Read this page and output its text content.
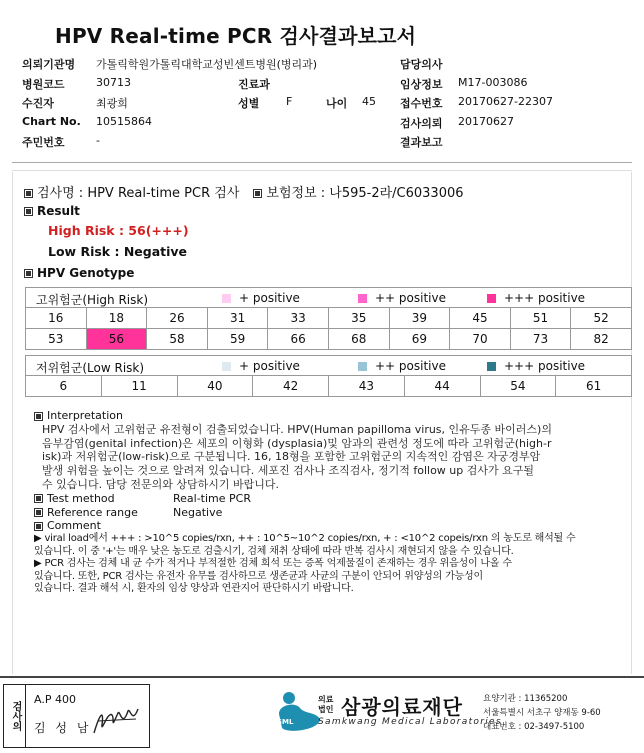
HPV Real-time PCR 검사결과보고서
의뢰기관명 가톨릭학원가톨릭대학교성빈센트병원(병리과)	담당의사
병원코드	30713	진료과	임상정보 M17-003086
수진자	최광희	성별 F	나이 45 접수번호 20170627-22307
Chart No. 10515864	검사의뢰 20170627
주민번호	-	결과보고
검사명 : HPV Real-time PCR 검사 보험정보 : 나595-2라/C6033006
Result
High Risk : 56(+++)
Low Risk : Negative
HPV Genotype
고위험군(High Risk) + positive ++ positive +++ positive									

16	18	26	31	33	35	39	45	51	52
53	56	58	59	66	68	69	70	73	82
저위험군(Low Risk)	+ positive	++ positive	+++ positive

6	11	40	42	43	44	54	61
Interpretation
HPV 검사에서 고위험군 유전형이 검출되었습니다. HPV(Human papilloma virus, 인유두종 바이러스)의
음부감염(genital infection)은 세포의 이형화 (dysplasia)및 암과의 관련성 정도에 따라 고위험군(high-r
isk)과 저위험군(low-risk)으로 구분됩니다. 16, 18형을 포함한 고위험군의 지속적인 감염은 자궁경부암
발생 위험을 높이는 것으로 알려져 있습니다. 세포진 검사나 조직검사, 정기적 follow up 검사가 요구될
수 있습니다. 담당 전문의와 상담하시기 바랍니다.
Test method	Real-time PCR
Reference range	Negative
Comment
▶ viral load에서 +++ : >10^5 copies/rxn, ++ : 10^5~10^2 copies/rxn, + : <10^2 copeis/rxn 의 농도로 해석될 수
있습니다. 이 중 '+'는 매우 낮은 농도로 검출시기, 검체 채취 상태에 따라 반복 검사시 재현되지 않을 수 있습니다.
▶ PCR 검사는 검체 내 균 수가 적거나 부적절한 검체 희석 또는 증폭 억제물질이 존재하는 경우 위음성이 나올 수
있습니다. 또한, PCR 검사는 유전자 유무를 검사하므로 생존균과 사균의 구분이 안되어 위양성의 가능성이
있습니다. 결과 해석 시, 환자의 임상 양상과 연관지어 판단하시기 바랍니다.
검사의
A.P 400
김 성 남	SML
의료
법인 삼광의료재단
Samkwang Medical Laboratories
요양기관 : 11365200
서울특별시 서초구 양재동 9-60
대표번호 : 02-3497-5100
